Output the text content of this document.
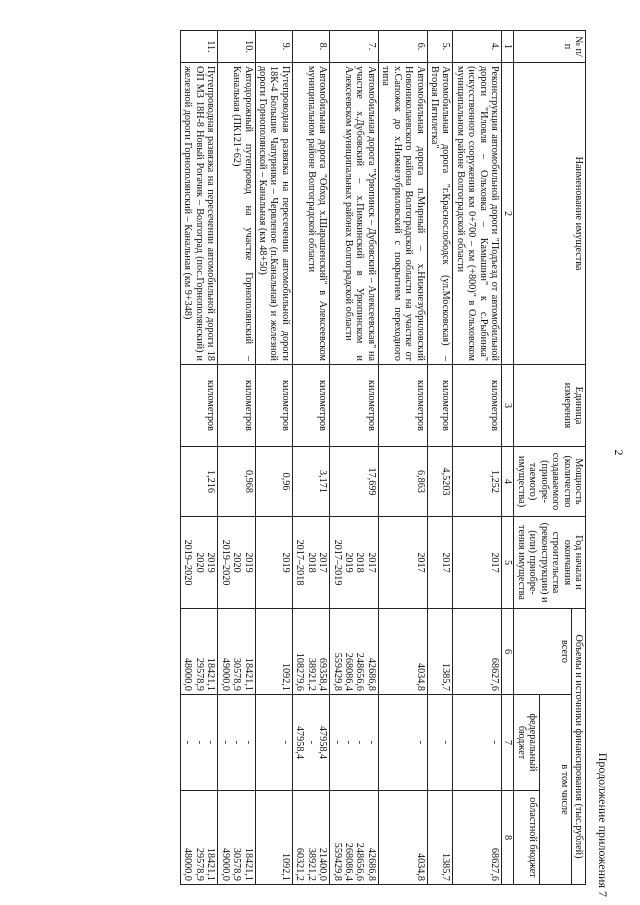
2
Продолжение приложения 7
№ п/п	Наименование имущества	Единица измерения	Мощность (количество создаваемого (приобре-таемого) имущества)	Год начала и окончания строительства (реконструкции) и (или) приобре-тения имущества	Объемы и источники финансирования (тыс.рублей)		
					всего	в том числе	
						федеральный бюджет	областной бюджет
1	2	3	4	5	6	7	8
4.	Реконструкция автомобильной дороги "Подъезд от автомобильной дороги "Иловля – Ольховка – Камышин" к с.Рыбинка" (искусственного сооружения км 0+700 – км (+800)" в Ольховском муниципальном районе Волгоградской области	километров	1,252	2017	68627,6	-	68627,6

5.	Автомобильная дорога "г.Краснослободск (ул.Московская) – Вторая Пятилетка"	километров	4,5203	2017	1385,7	-	1385,7

6.	Автомобильная дорога п.Мирный – х.Нижнезубриловский Новониколаевского района Волгоградской области на участке от х.Сапожок до х.Нижнезубриловский с покрытием переходного типа	километров	6,863	2017	4034,8	-	4034,8

7.	Автомобильная дорога "Урюпинск – Дубовский – Алексеевская" на участке х.Дубовский – х.Пимкинский в Урюпинском и Алексеевском муниципальных районах Волгоградской области	километров	17,699	2017
2018
2019
2017–2019	42686,8
248656,6
268086,4
559429,8	-
-
-
-	42686,8
248656,6
268086,4
559429,8

8.	Автомобильная дорога "Обход х.Шарашенский" в Алексеевском муниципальном районе Волгоградской области	километров	3,171	2017
2018
2017–2018	69358,4
38921,2
108279,6	47958,4
-
47958,4	21400,0
38921,2
60321,2

9.	Путепроводная развязка на пересечении автомобильной дороги 18К-4 Большие Чапурники – Червленое (п.Канальная) и железной дороги Горнополянской – Канальная (км 48+50)	километров	0,96	2019	1092,1	-	1092,1

10.	Автодорожный путепровод на участке Горнополянский – Канальная (ПК121+62)	километров	0,968	2019
2020
2019–2020	18421,1
30578,9
49000,0	-
-
-	18421,1
30578,9
49000,0

11.	Путепроводная развязка на пересечении автомобильной дороги 18 ОП МЗ 18Н-8 Новый Рогачик – Волгоград (пос.Горнополянский) и железной дороги Горнополянский – Канальная (км 9+348)	километров	1,216	2019
2020
2019–2020	18421,1
29578,9
48000,0	-
-
-	18421,1
29578,9
48000,0
